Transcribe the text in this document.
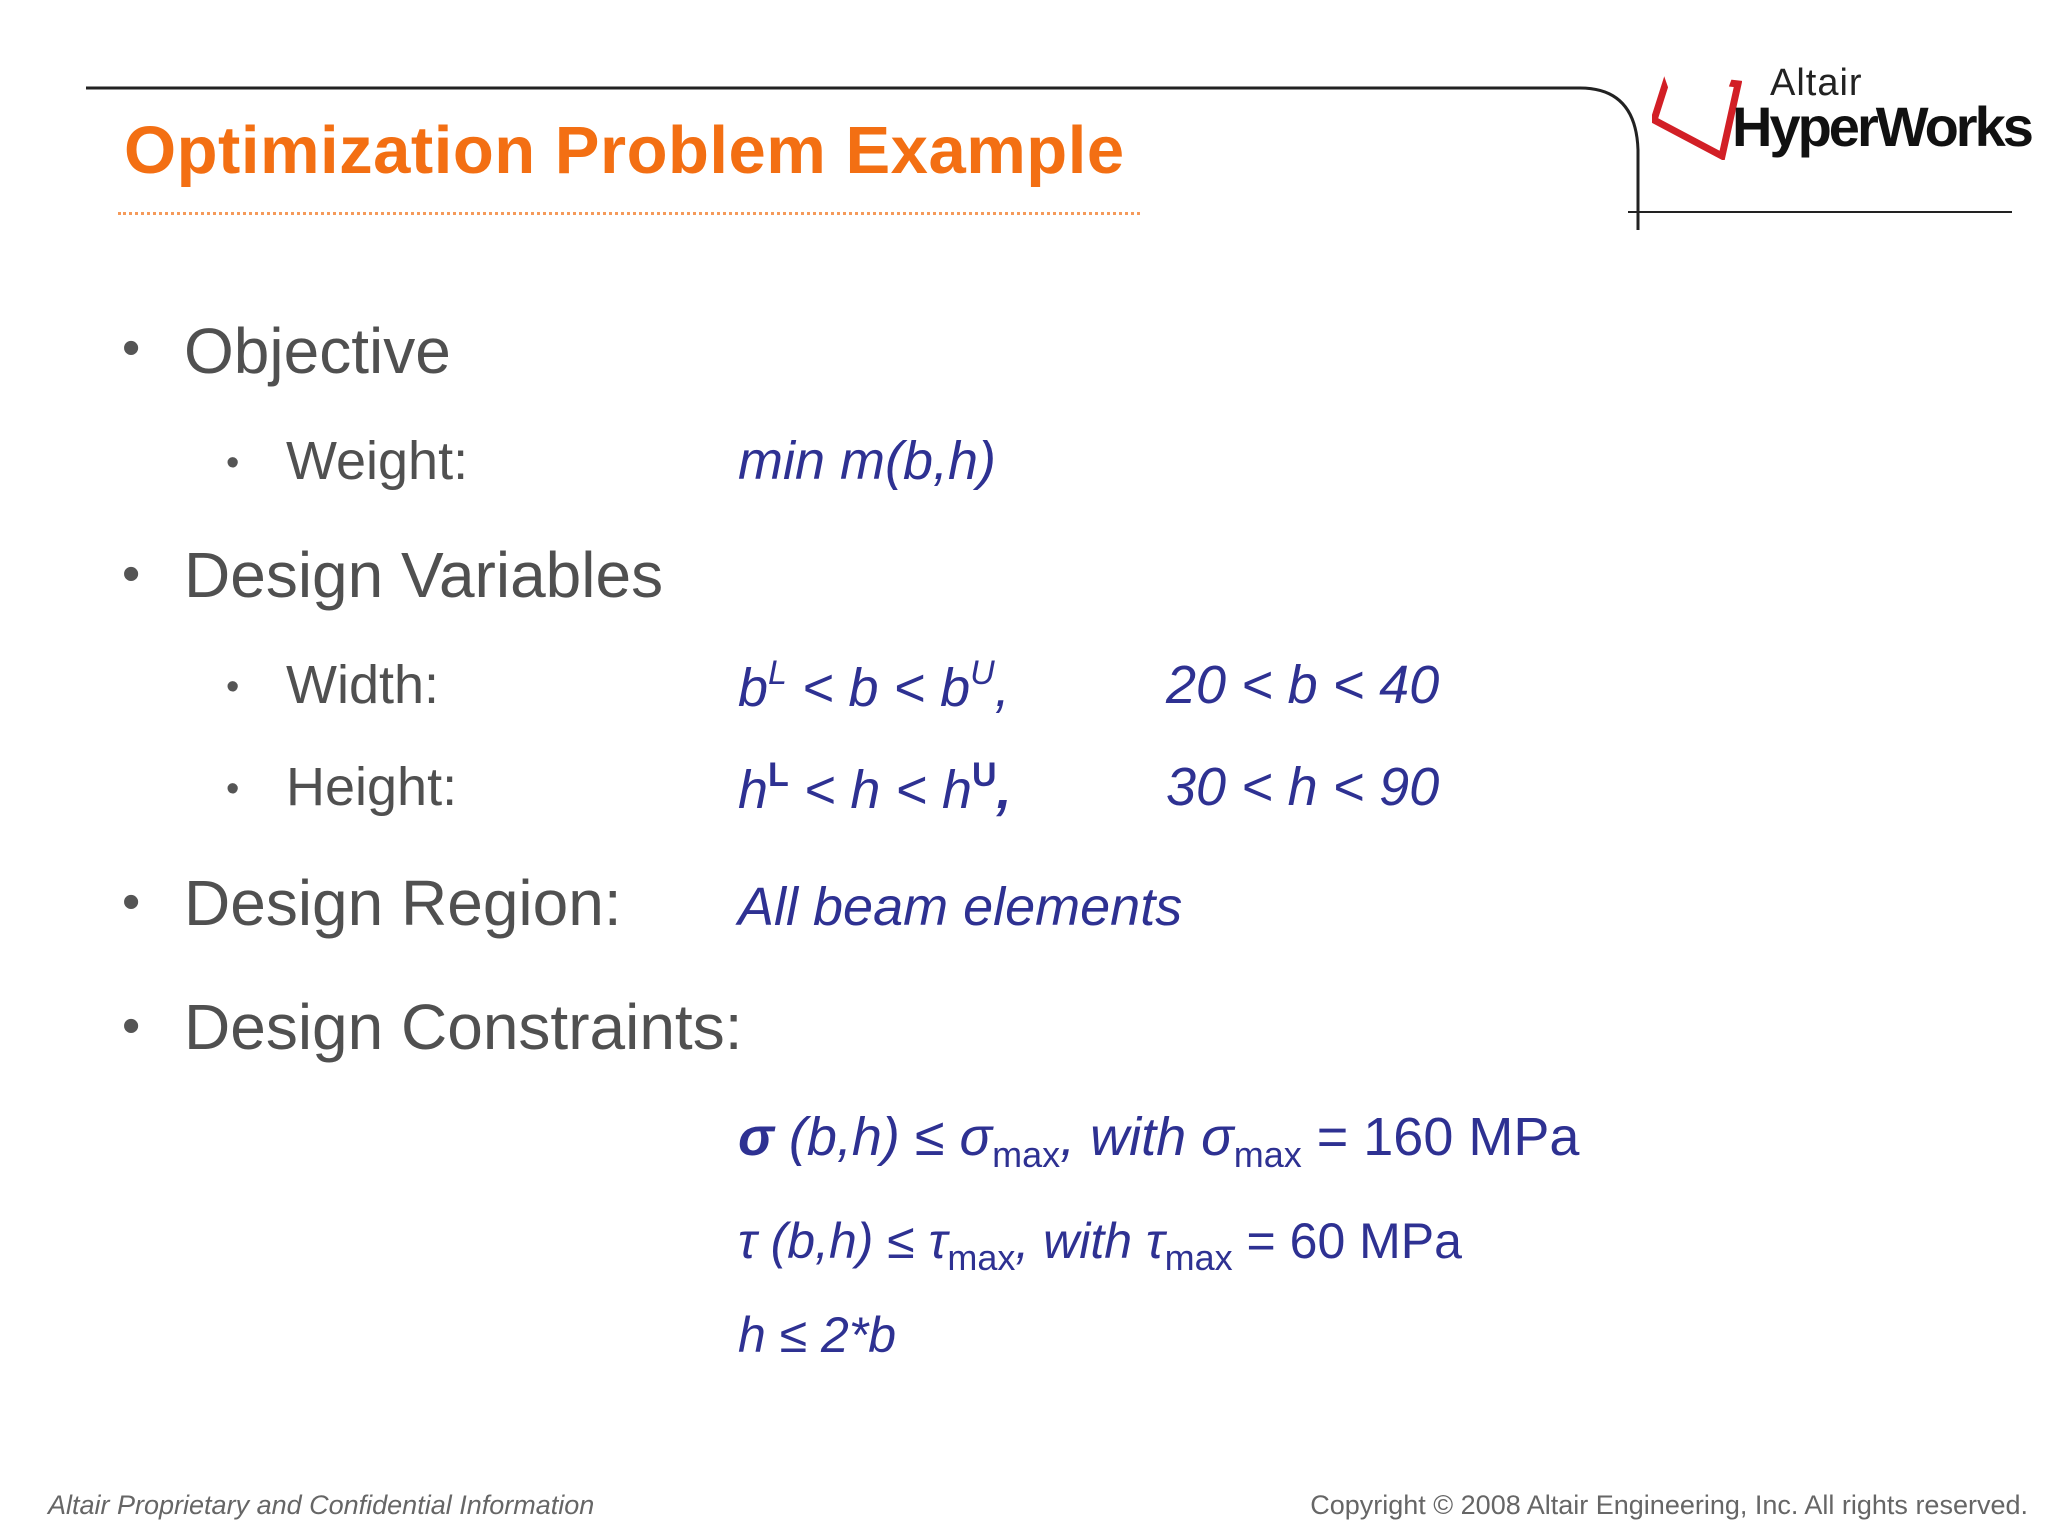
Optimization Problem Example
Altair
HyperWorks
• Objective
• Weight:	min m(b,h)
• Design Variables
• Width:	$b^L < b < b^U$,	20 < b < 40
• Height:	$h^L < h < h^U$,	30 < h < 90
• Design Region: All beam elements
• Design Constraints:
σ $(b,h) \le \sigma_{max}$, with $\sigma_{max} = 160$ MPa
τ $(b,h) \le \tau_{max}$, with $\tau_{max} = 60$ MPa
h ≤ 2*b
Altair Proprietary and Confidential Information	Copyright © 2008 Altair Engineering, Inc. All rights reserved.
